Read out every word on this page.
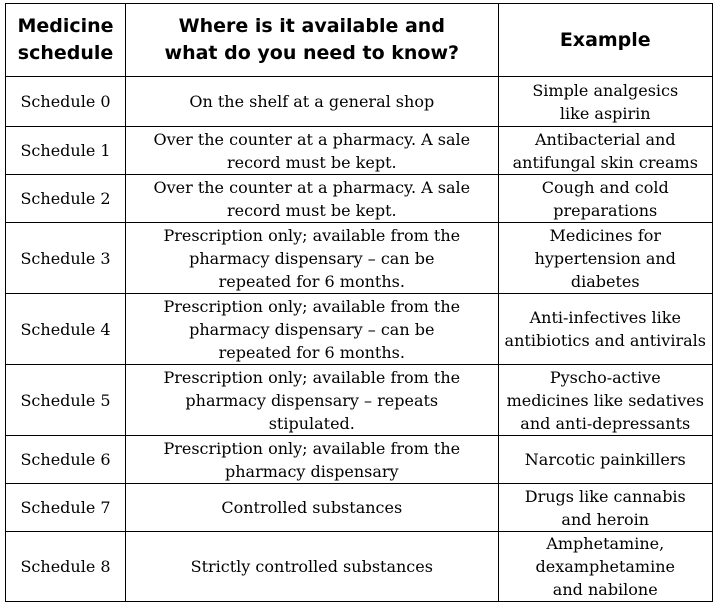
Medicine
schedule	Where is it available and
what do you need to know?	Example

Schedule 0	On the shelf at a general shop	Simple analgesics
like aspirin

Schedule 1	Over the counter at a pharmacy. A sale
record must be kept.	Antibacterial and
antifungal skin creams

Schedule 2	Over the counter at a pharmacy. A sale
record must be kept.	Cough and cold
preparations

Schedule 3	Prescription only; available from the
pharmacy dispensary – can be
repeated for 6 months.	Medicines for
hypertension and
diabetes

Schedule 4	Prescription only; available from the
pharmacy dispensary – can be
repeated for 6 months.	Anti-infectives like
antibiotics and antivirals

Schedule 5	Prescription only; available from the
pharmacy dispensary – repeats
stipulated.	Pyscho-active
medicines like sedatives
and anti-depressants

Schedule 6	Prescription only; available from the
pharmacy dispensary	Narcotic painkillers

Schedule 7	Controlled substances	Drugs like cannabis
and heroin

Schedule 8	Strictly controlled substances	Amphetamine,
dexamphetamine
and nabilone
